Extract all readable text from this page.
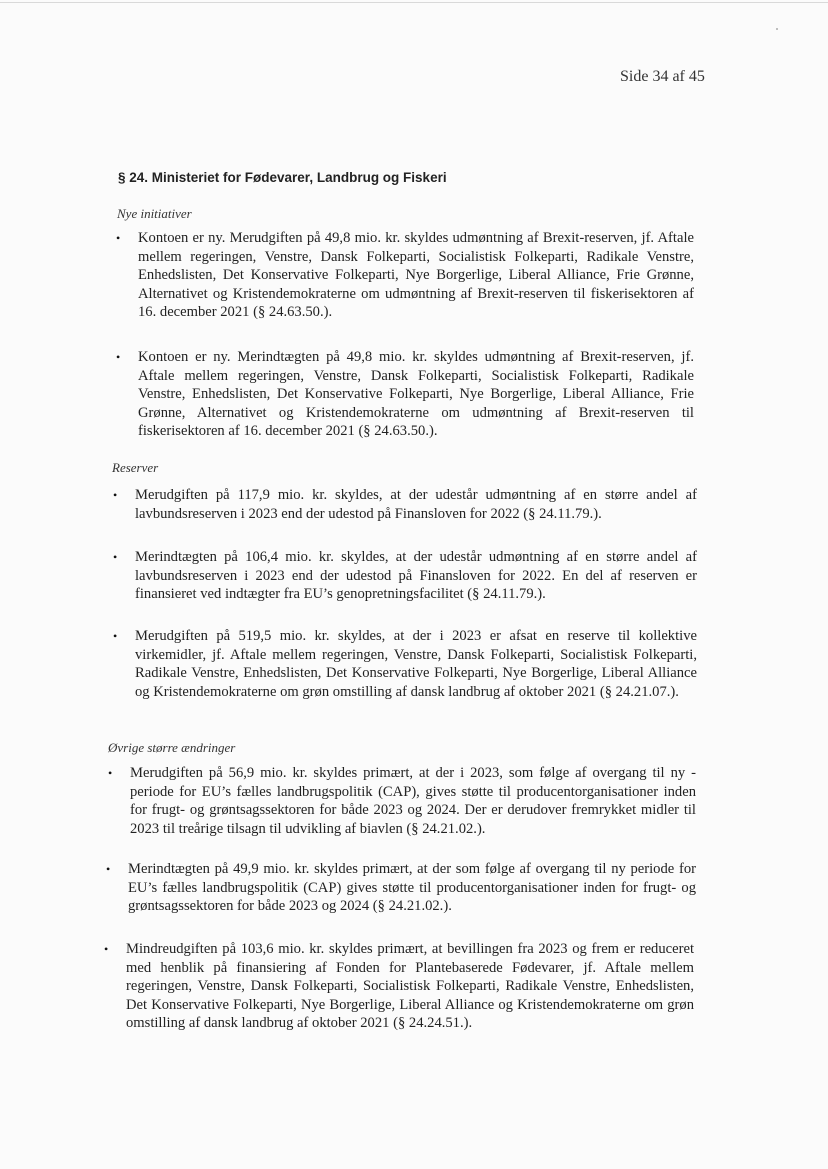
Side 34 af 45
§ 24. Ministeriet for Fødevarer, Landbrug og Fiskeri
Nye initiativer
• Kontoen er ny. Merudgiften på 49,8 mio. kr. skyldes udmøntning af Brexit-reserven, jf. Aftale mellem regeringen, Venstre, Dansk Folkeparti, Socialistisk Folkeparti, Radikale Venstre, Enhedslisten, Det Konservative Folkeparti, Nye Borgerlige, Liberal Alliance, Frie Grønne, Alternativet og Kristendemokraterne om udmøntning af Brexit-reserven til fiskerisektoren af 16. december 2021 (§ 24.63.50.).
• Kontoen er ny. Merindtægten på 49,8 mio. kr. skyldes udmøntning af Brexit-reserven, jf. Aftale mellem regeringen, Venstre, Dansk Folkeparti, Socialistisk Folkeparti, Radikale Venstre, Enhedslisten, Det Konservative Folkeparti, Nye Borgerlige, Liberal Alliance, Frie Grønne, Alternativet og Kristendemokraterne om udmøntning af Brexit-reserven til fiskerisektoren af 16. december 2021 (§ 24.63.50.).
Reserver
• Merudgiften på 117,9 mio. kr. skyldes, at der udestår udmøntning af en større andel af lavbundsreserven i 2023 end der udestod på Finansloven for 2022 (§ 24.11.79.).
• Merindtægten på 106,4 mio. kr. skyldes, at der udestår udmøntning af en større andel af lavbundsreserven i 2023 end der udestod på Finansloven for 2022. En del af reserven er finansieret ved indtægter fra EU’s genopretningsfacilitet (§ 24.11.79.).
• Merudgiften på 519,5 mio. kr. skyldes, at der i 2023 er afsat en reserve til kollektive virkemidler, jf. Aftale mellem regeringen, Venstre, Dansk Folkeparti, Socialistisk Folkeparti, Radikale Venstre, Enhedslisten, Det Konservative Folkeparti, Nye Borgerlige, Liberal Alliance og Kristendemokraterne om grøn omstilling af dansk landbrug af oktober 2021 (§ 24.21.07.).
Øvrige større ændringer
• Merudgiften på 56,9 mio. kr. skyldes primært, at der i 2023, som følge af overgang til ny -periode for EU’s fælles landbrugspolitik (CAP), gives støtte til producentorganisationer inden for frugt- og grøntsagssektoren for både 2023 og 2024. Der er derudover fremrykket midler til 2023 til treårige tilsagn til udvikling af biavlen (§ 24.21.02.).
• Merindtægten på 49,9 mio. kr. skyldes primært, at der som følge af overgang til ny periode for EU’s fælles landbrugspolitik (CAP) gives støtte til producentorganisationer inden for frugt- og grøntsagssektoren for både 2023 og 2024 (§ 24.21.02.).
• Mindreudgiften på 103,6 mio. kr. skyldes primært, at bevillingen fra 2023 og frem er reduceret med henblik på finansiering af Fonden for Plantebaserede Fødevarer, jf. Aftale mellem regeringen, Venstre, Dansk Folkeparti, Socialistisk Folkeparti, Radikale Venstre, Enhedslisten, Det Konservative Folkeparti, Nye Borgerlige, Liberal Alliance og Kristendemokraterne om grøn omstilling af dansk landbrug af oktober 2021 (§ 24.24.51.).
